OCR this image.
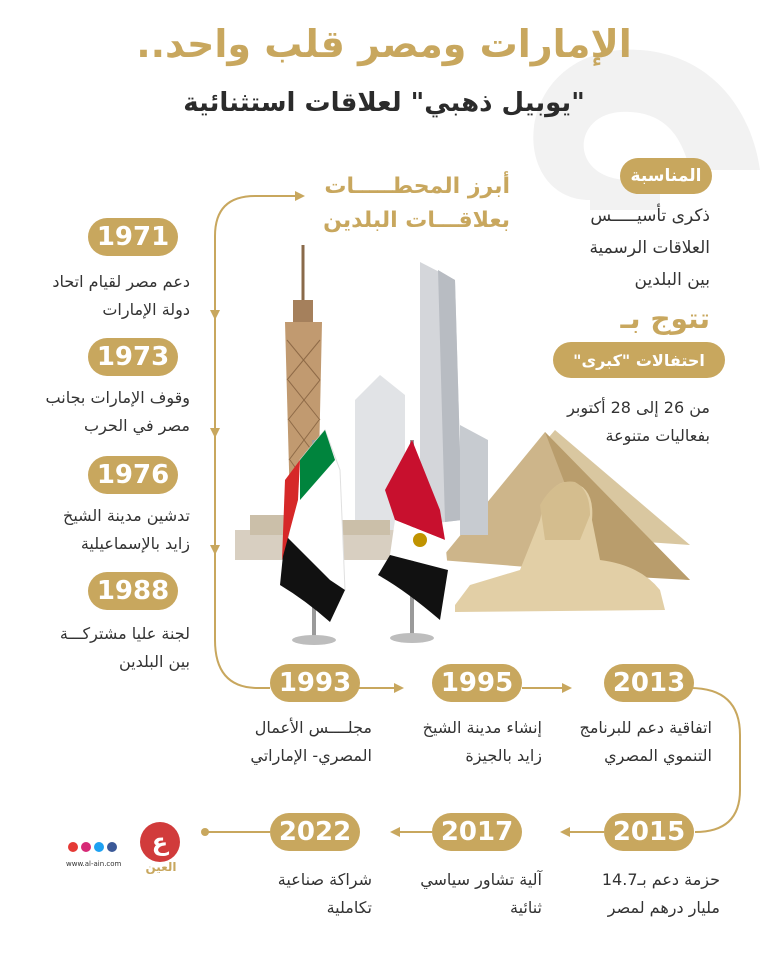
الإمارات ومصر قلب واحد..
"يوبيل ذهبي" لعلاقات استثنائية
أبرز المحطـــــات
بعلاقـــات البلدين
المناسبة
ذكرى تأسيـــــس
العلاقات الرسمية
بين البلدين
تتوج بـ
احتفالات "كبرى"
من 26 إلى 28 أكتوبر
بفعاليات متنوعة
1971
دعم مصر لقيام اتحاد
دولة الإمارات
1973
وقوف الإمارات بجانب
مصر في الحرب
1976
تدشين مدينة الشيخ
زايد بالإسماعيلية
1988
لجنة عليا مشتركـــة
بين البلدين
1993
مجلــــس الأعمال
المصري- الإماراتي
1995
إنشاء مدينة الشيخ
زايد بالجيزة
2013
اتفاقية دعم للبرنامج
التنموي المصري
2015
حزمة دعم بـ14.7
مليار درهم لمصر
2017
آلية تشاور سياسي
ثنائية
2022
شراكة صناعية
تكاملية
www.al-ain.com
ع
العين
